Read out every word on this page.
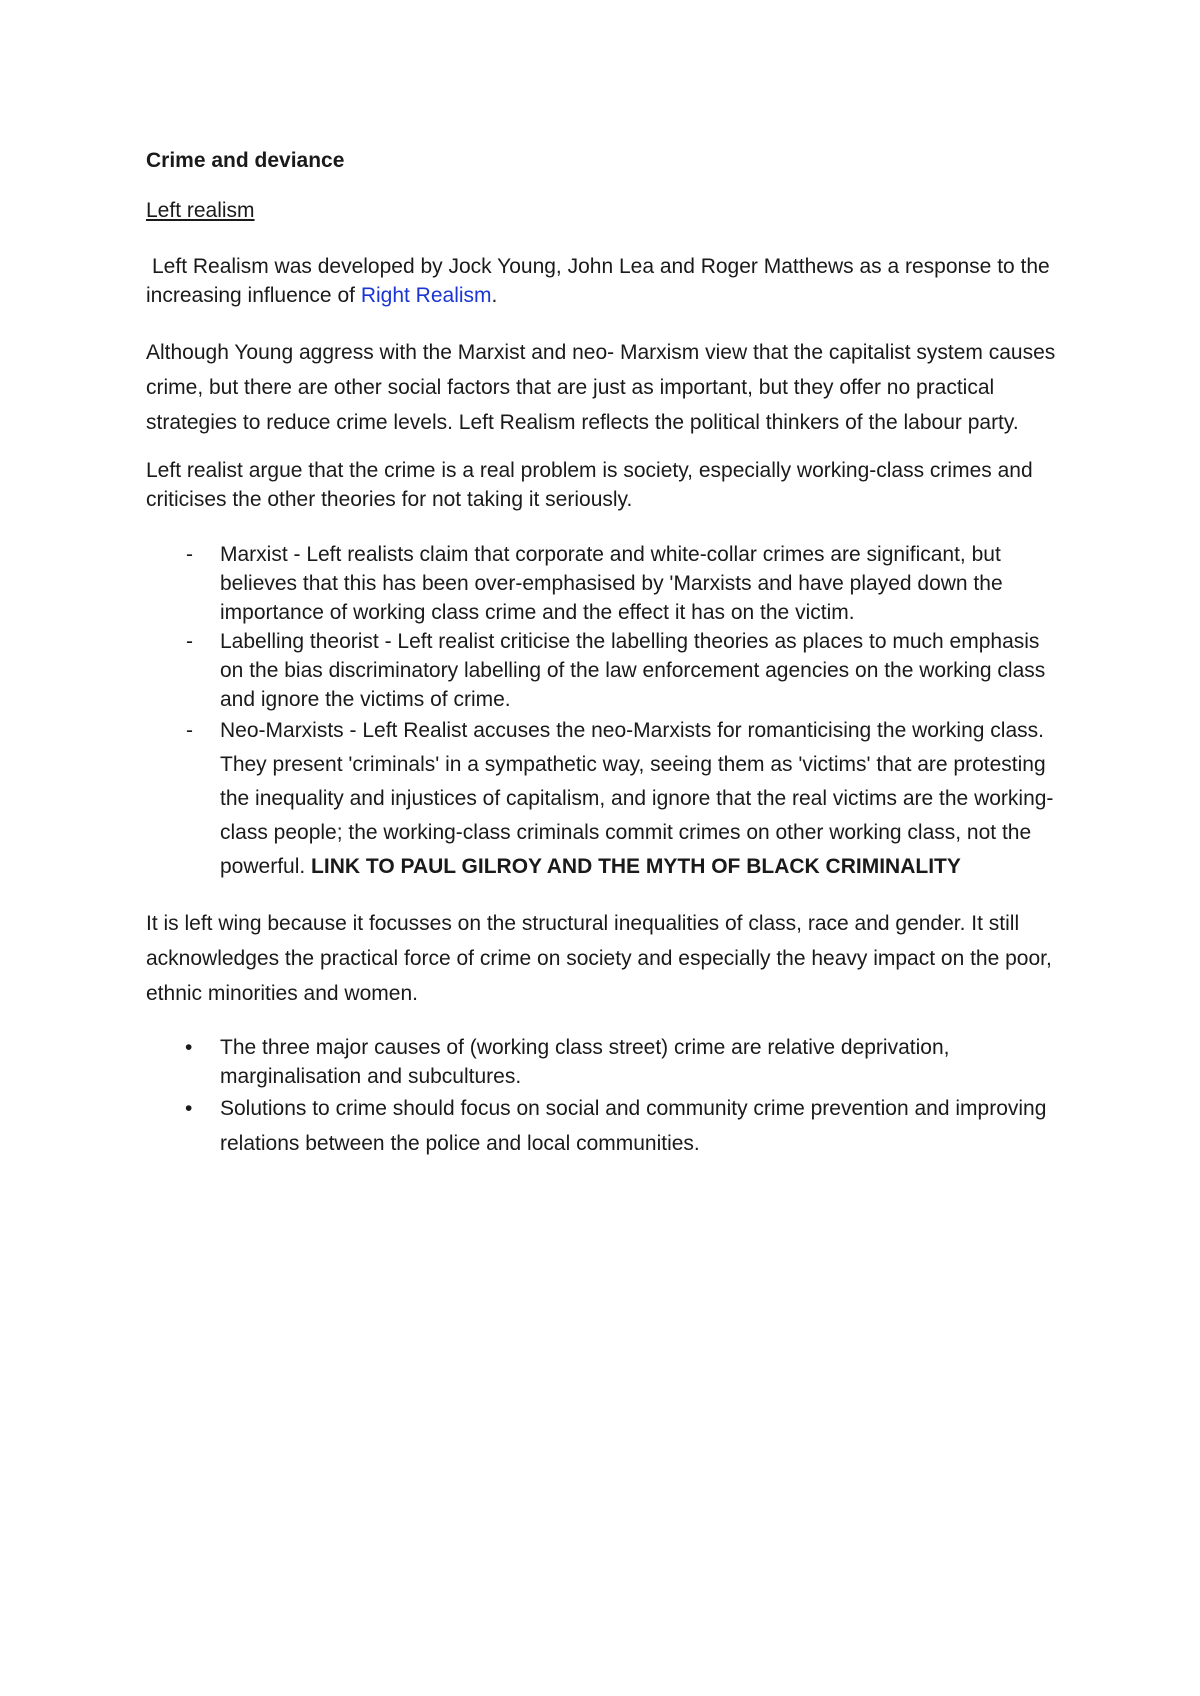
Crime and deviance

Left realism

Left Realism was developed by Jock Young, John Lea and Roger Matthews as a response to the increasing influence of Right Realism.

Although Young aggress with the Marxist and neo- Marxism view that the capitalist system causes crime, but there are other social factors that are just as important, but they offer no practical strategies to reduce crime levels. Left Realism reflects the political thinkers of the labour party.

Left realist argue that the crime is a real problem is society, especially working-class crimes and criticises the other theories for not taking it seriously.

- Marxist - Left realists claim that corporate and white-collar crimes are significant, but believes that this has been over-emphasised by 'Marxists and have played down the importance of working class crime and the effect it has on the victim.
- Labelling theorist - Left realist criticise the labelling theories as places to much emphasis on the bias discriminatory labelling of the law enforcement agencies on the working class and ignore the victims of crime.
- Neo-Marxists - Left Realist accuses the neo-Marxists for romanticising the working class. They present 'criminals' in a sympathetic way, seeing them as 'victims' that are protesting the inequality and injustices of capitalism, and ignore that the real victims are the working-class people; the working-class criminals commit crimes on other working class, not the powerful. LINK TO PAUL GILROY AND THE MYTH OF BLACK CRIMINALITY

It is left wing because it focusses on the structural inequalities of class, race and gender. It still acknowledges the practical force of crime on society and especially the heavy impact on the poor, ethnic minorities and women.

• The three major causes of (working class street) crime are relative deprivation, marginalisation and subcultures.
• Solutions to crime should focus on social and community crime prevention and improving relations between the police and local communities.
